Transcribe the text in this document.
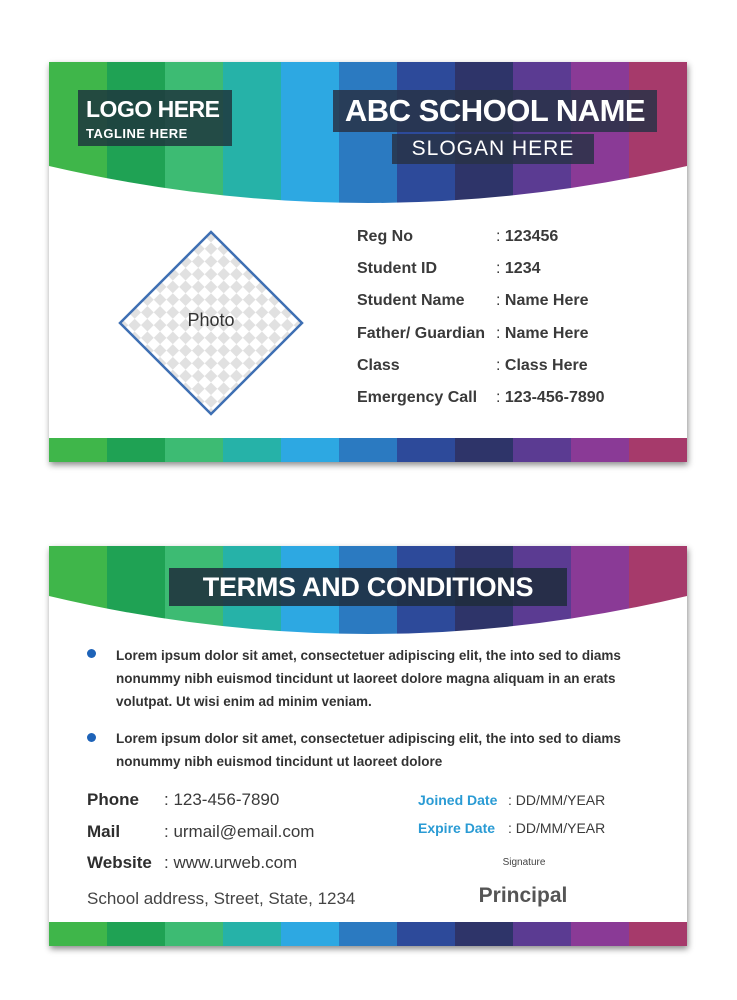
LOGO HERE
TAGLINE HERE
ABC SCHOOL NAME
SLOGAN HERE
Photo
Reg No	: 123456
Student ID	: 1234
Student Name : Name Here
Father/ Guardian : Name Here
Class	: Class Here
Emergency Call : 123-456-7890
TERMS AND CONDITIONS
Lorem ipsum dolor sit amet, consectetuer adipiscing elit, the into sed to diams
nonummy nibh euismod tincidunt ut laoreet dolore magna aliquam in an erats
volutpat. Ut wisi enim ad minim veniam.
Lorem ipsum dolor sit amet, consectetuer adipiscing elit, the into sed to diams
nonummy nibh euismod tincidunt ut laoreet dolore
Phone : 123-456-7890
Mail	: urmail@email.com
Website : www.urweb.com
School address, Street, State, 1234
Joined Date : DD/MM/YEAR
Expire Date : DD/MM/YEAR
Signature
Principal
